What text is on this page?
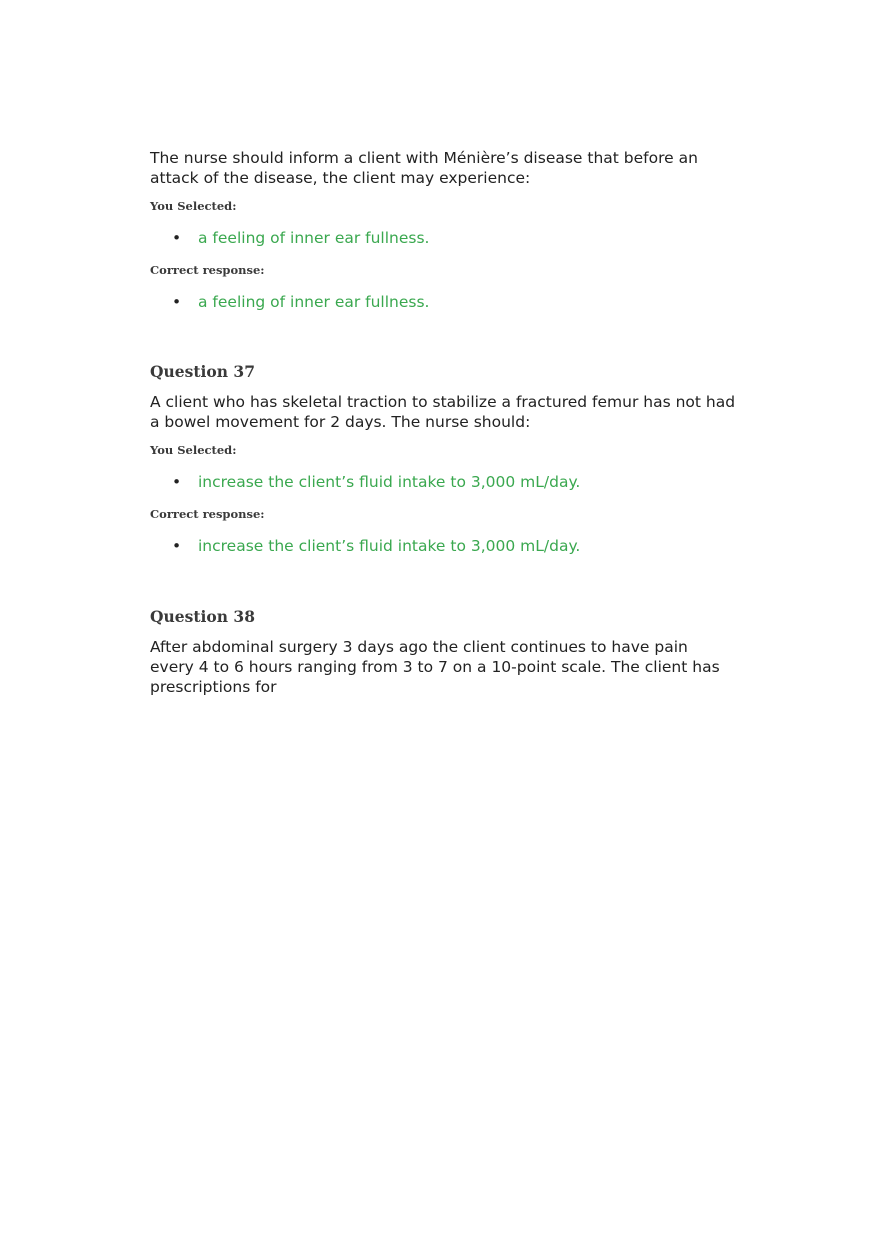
The nurse should inform a client with Ménière’s disease that before an attack of the disease, the client may experience:

You Selected:
• a feeling of inner ear fullness.
Correct response:
• a feeling of inner ear fullness.
Question 37

A client who has skeletal traction to stabilize a fractured femur has not had a bowel movement for 2 days. The nurse should:

You Selected:
• increase the client’s fluid intake to 3,000 mL/day.
Correct response:
• increase the client’s fluid intake to 3,000 mL/day.
Question 38

After abdominal surgery 3 days ago the client continues to have pain every 4 to 6 hours ranging from 3 to 7 on a 10-point scale. The client has prescriptions for
